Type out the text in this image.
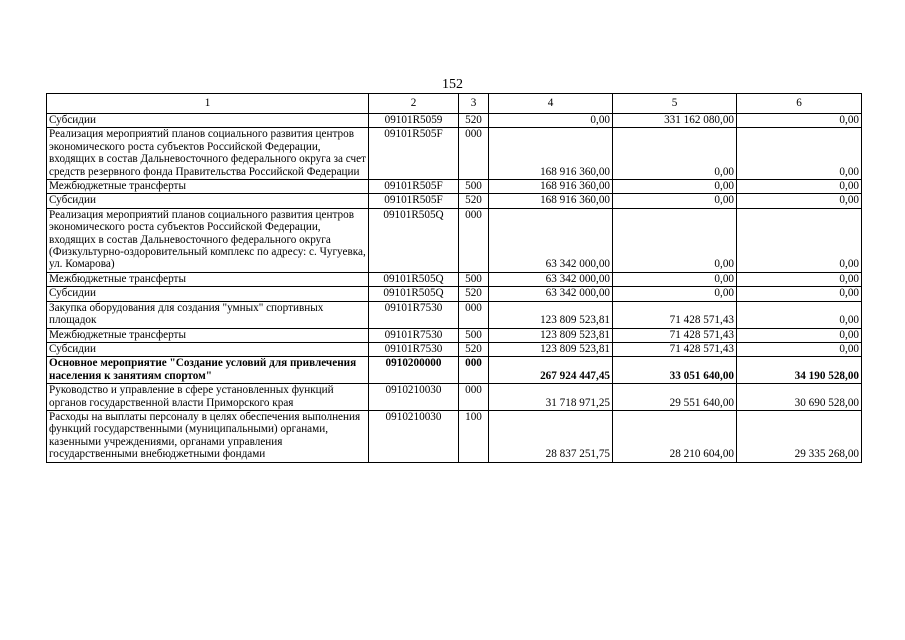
152
1	2	3	4	5	6
Субсидии	09101R5059	520	0,00	331 162 080,00	0,00
Реализация мероприятий планов социального развития центров экономического роста субъектов Российской Федерации, входящих в состав Дальневосточного федерального округа за счет средств резервного фонда Правительства Российской Федерации	09101R505F	000	168 916 360,00	0,00	0,00
Межбюджетные трансферты	09101R505F	500	168 916 360,00	0,00	0,00
Субсидии	09101R505F	520	168 916 360,00	0,00	0,00
Реализация мероприятий планов социального развития центров экономического роста субъектов Российской Федерации, входящих в состав Дальневосточного федерального округа (Физкультурно-оздоровительный комплекс по адресу: с. Чугуевка, ул. Комарова)	09101R505Q	000	63 342 000,00	0,00	0,00
Межбюджетные трансферты	09101R505Q	500	63 342 000,00	0,00	0,00
Субсидии	09101R505Q	520	63 342 000,00	0,00	0,00
Закупка оборудования для создания "умных" спортивных площадок	09101R7530	000	123 809 523,81	71 428 571,43	0,00
Межбюджетные трансферты	09101R7530	500	123 809 523,81	71 428 571,43	0,00
Субсидии	09101R7530	520	123 809 523,81	71 428 571,43	0,00
Основное мероприятие "Создание условий для привлечения населения к занятиям спортом"	0910200000	000	267 924 447,45	33 051 640,00	34 190 528,00
Руководство и управление в сфере установленных функций органов государственной власти Приморского края	0910210030	000	31 718 971,25	29 551 640,00	30 690 528,00
Расходы на выплаты персоналу в целях обеспечения выполнения функций государственными (муниципальными) органами, казенными учреждениями, органами управления государственными внебюджетными фондами	0910210030	100	28 837 251,75	28 210 604,00	29 335 268,00
